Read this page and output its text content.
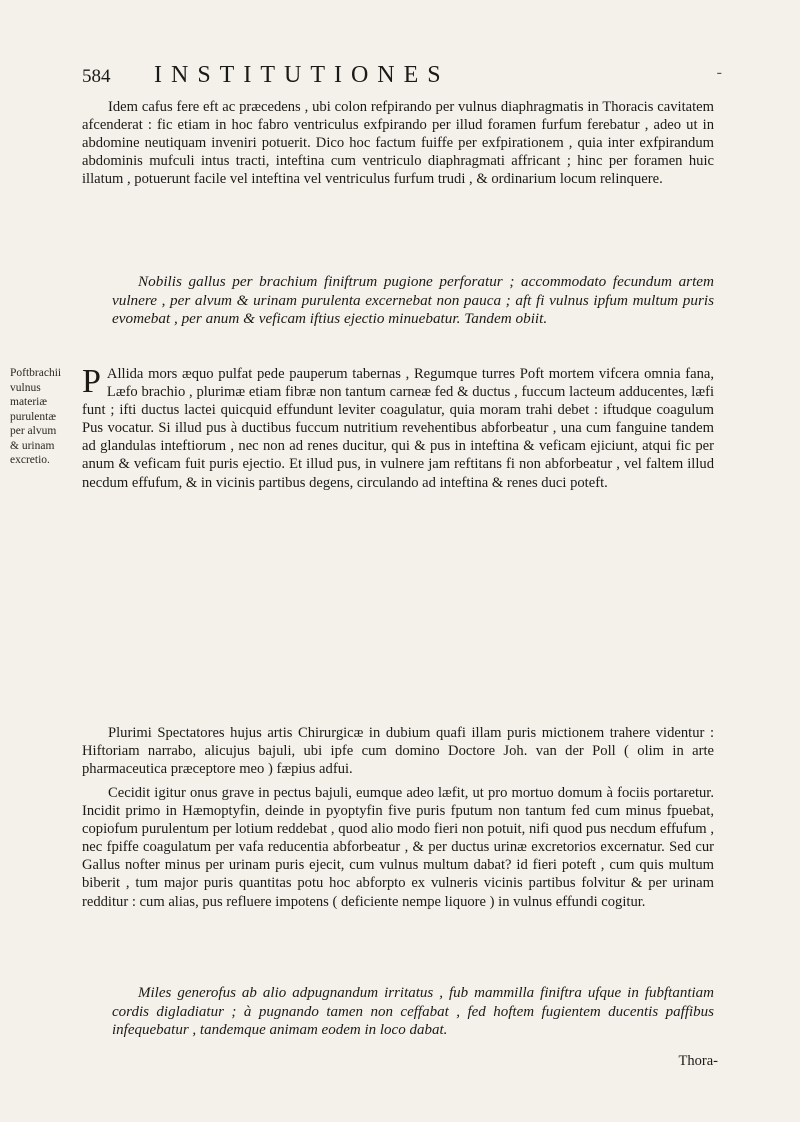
584 INSTITUTIONES	-

Idem cafus fere eft ac præcedens , ubi colon refpirando per vulnus diaphragmatis in Thoracis cavitatem afcenderat : fic etiam in hoc fabro ventriculus exfpirando per illud foramen furfum ferebatur , adeo ut in abdomine neutiquam inveniri potuerit. Dico hoc factum fuiffe per exfpirationem , quia inter exfpirandum abdominis mufculi intus tracti, inteftina cum ventriculo diaphragmati affricant ; hinc per foramen huic illatum , potuerunt facile vel inteftina vel ventriculus furfum trudi , & ordinarium locum relinquere.

Nobilis gallus per brachium finiftrum pugione perforatur ; accommodato fecundum artem vulnere , per alvum & urinam purulenta excernebat non pauca ; aft fi vulnus ipfum multum puris evomebat , per anum & veficam iftius ejectio minuebatur. Tandem obiit.

Poftbrachii
vulnus
materiæ
purulentæ
per alvum
& urinam
excretio.

P Allida mors æquo pulfat pede pauperum tabernas , Regumque turres Poft mortem vifcera omnia fana, Læfo brachio , plurimæ etiam fibræ non tantum carneæ fed & ductus , fuccum lacteum adducentes, læfi funt ; ifti ductus lactei quicquid effundunt leviter coagulatur, quia moram trahi debet : iftudque coagulum Pus vocatur. Si illud pus à ductibus fuccum nutritium revehentibus abforbeatur , una cum fanguine tandem ad glandulas inteftiorum , nec non ad renes ducitur, qui & pus in inteftina & veficam ejiciunt, atqui fic per anum & veficam fuit puris ejectio. Et illud pus, in vulnere jam reftitans fi non abforbeatur , vel faltem illud necdum effufum, & in vicinis partibus degens, circulando ad inteftina & renes duci poteft.

Plurimi Spectatores hujus artis Chirurgicæ in dubium quafi illam puris mictionem trahere videntur : Hiftoriam narrabo, alicujus bajuli, ubi ipfe cum domino Doctore Joh. van der Poll ( olim in arte pharmaceutica præceptore meo ) fæpius adfui.

Cecidit igitur onus grave in pectus bajuli, eumque adeo læfit, ut pro mortuo domum à fociis portaretur. Incidit primo in Hæmoptyfin, deinde in pyoptyfin five puris fputum non tantum fed cum minus fpuebat, copiofum purulentum per lotium reddebat , quod alio modo fieri non potuit, nifi quod pus necdum effufum , nec fpiffe coagulatum per vafa reducentia abforbeatur , & per ductus urinæ excretorios excernatur. Sed cur Gallus nofter minus per urinam puris ejecit, cum vulnus multum dabat? id fieri poteft , cum quis multum biberit , tum major puris quantitas potu hoc abforpto ex vulneris vicinis partibus folvitur & per urinam redditur : cum alias, pus refluere impotens ( deficiente nempe liquore ) in vulnus effundi cogitur.

Miles generofus ab alio adpugnandum irritatus , fub mammilla finiftra ufque in fubftantiam cordis digladiatur ; à pugnando tamen non ceffabat , fed hoftem fugientem ducentis paffibus infequebatur , tandemque animam eodem in loco dabat.

Thora-
